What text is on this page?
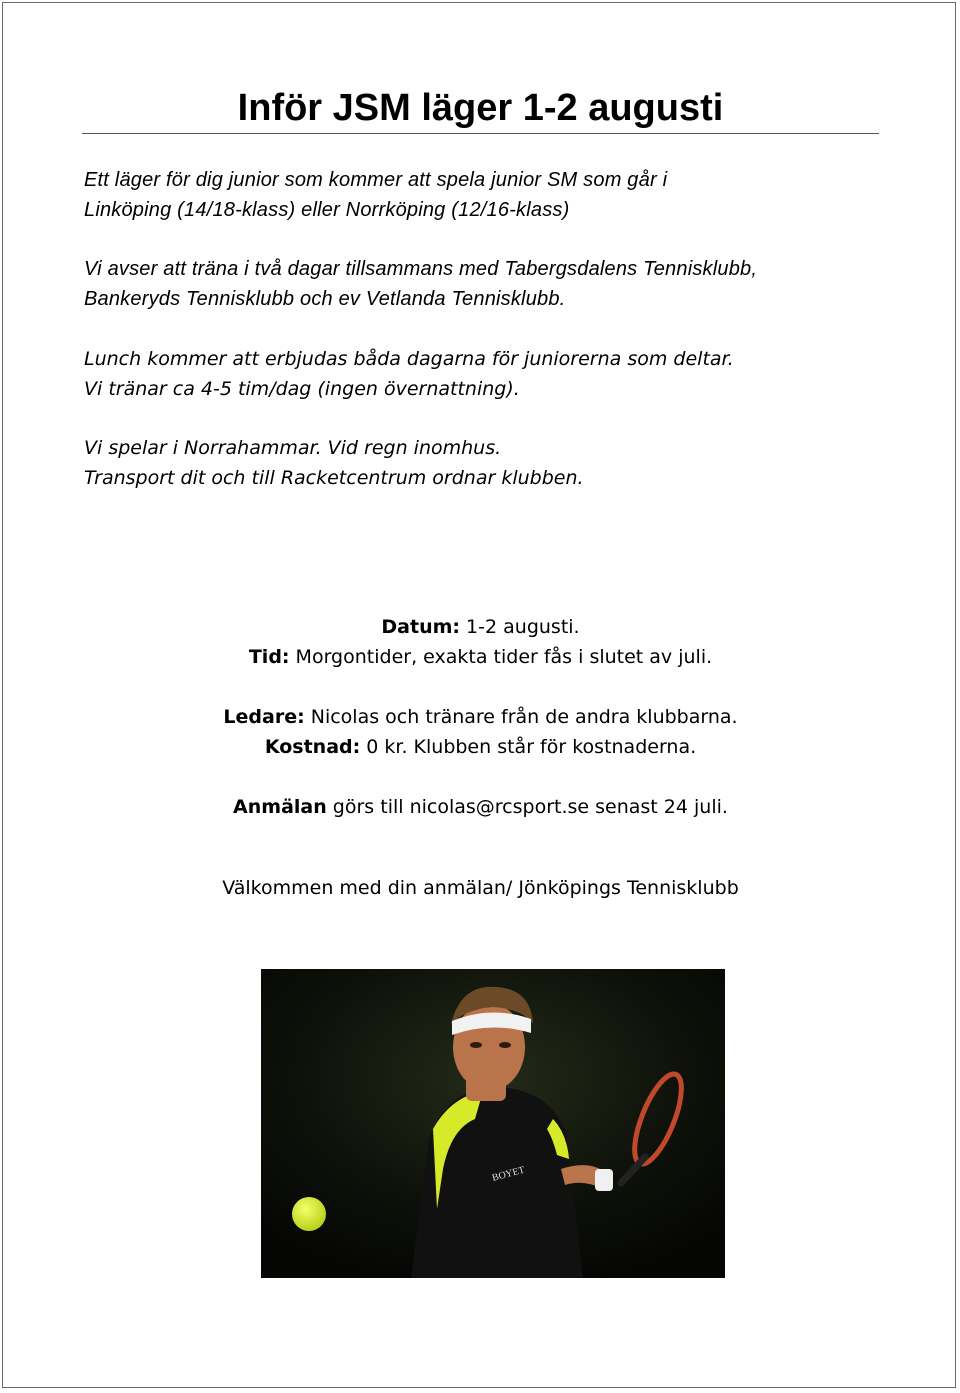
Inför JSM läger 1-2 augusti

Ett läger för dig junior som kommer att spela junior SM som går i
Linköping (14/18-klass) eller Norrköping (12/16-klass)

Vi avser att träna i två dagar tillsammans med Tabergsdalens Tennisklubb,
Bankeryds Tennisklubb och ev Vetlanda Tennisklubb.

Lunch kommer att erbjudas båda dagarna för juniorerna som deltar.
Vi tränar ca 4-5 tim/dag (ingen övernattning).

Vi spelar i Norrahammar. Vid regn inomhus.
Transport dit och till Racketcentrum ordnar klubben.

Datum: 1-2 augusti.
Tid: Morgontider, exakta tider fås i slutet av juli.
Ledare: Nicolas och tränare från de andra klubbarna.
Kostnad: 0 kr. Klubben står för kostnaderna.
Anmälan görs till nicolas@rcsport.se senast 24 juli.
Välkommen med din anmälan/ Jönköpings Tennisklubb
BOYET
